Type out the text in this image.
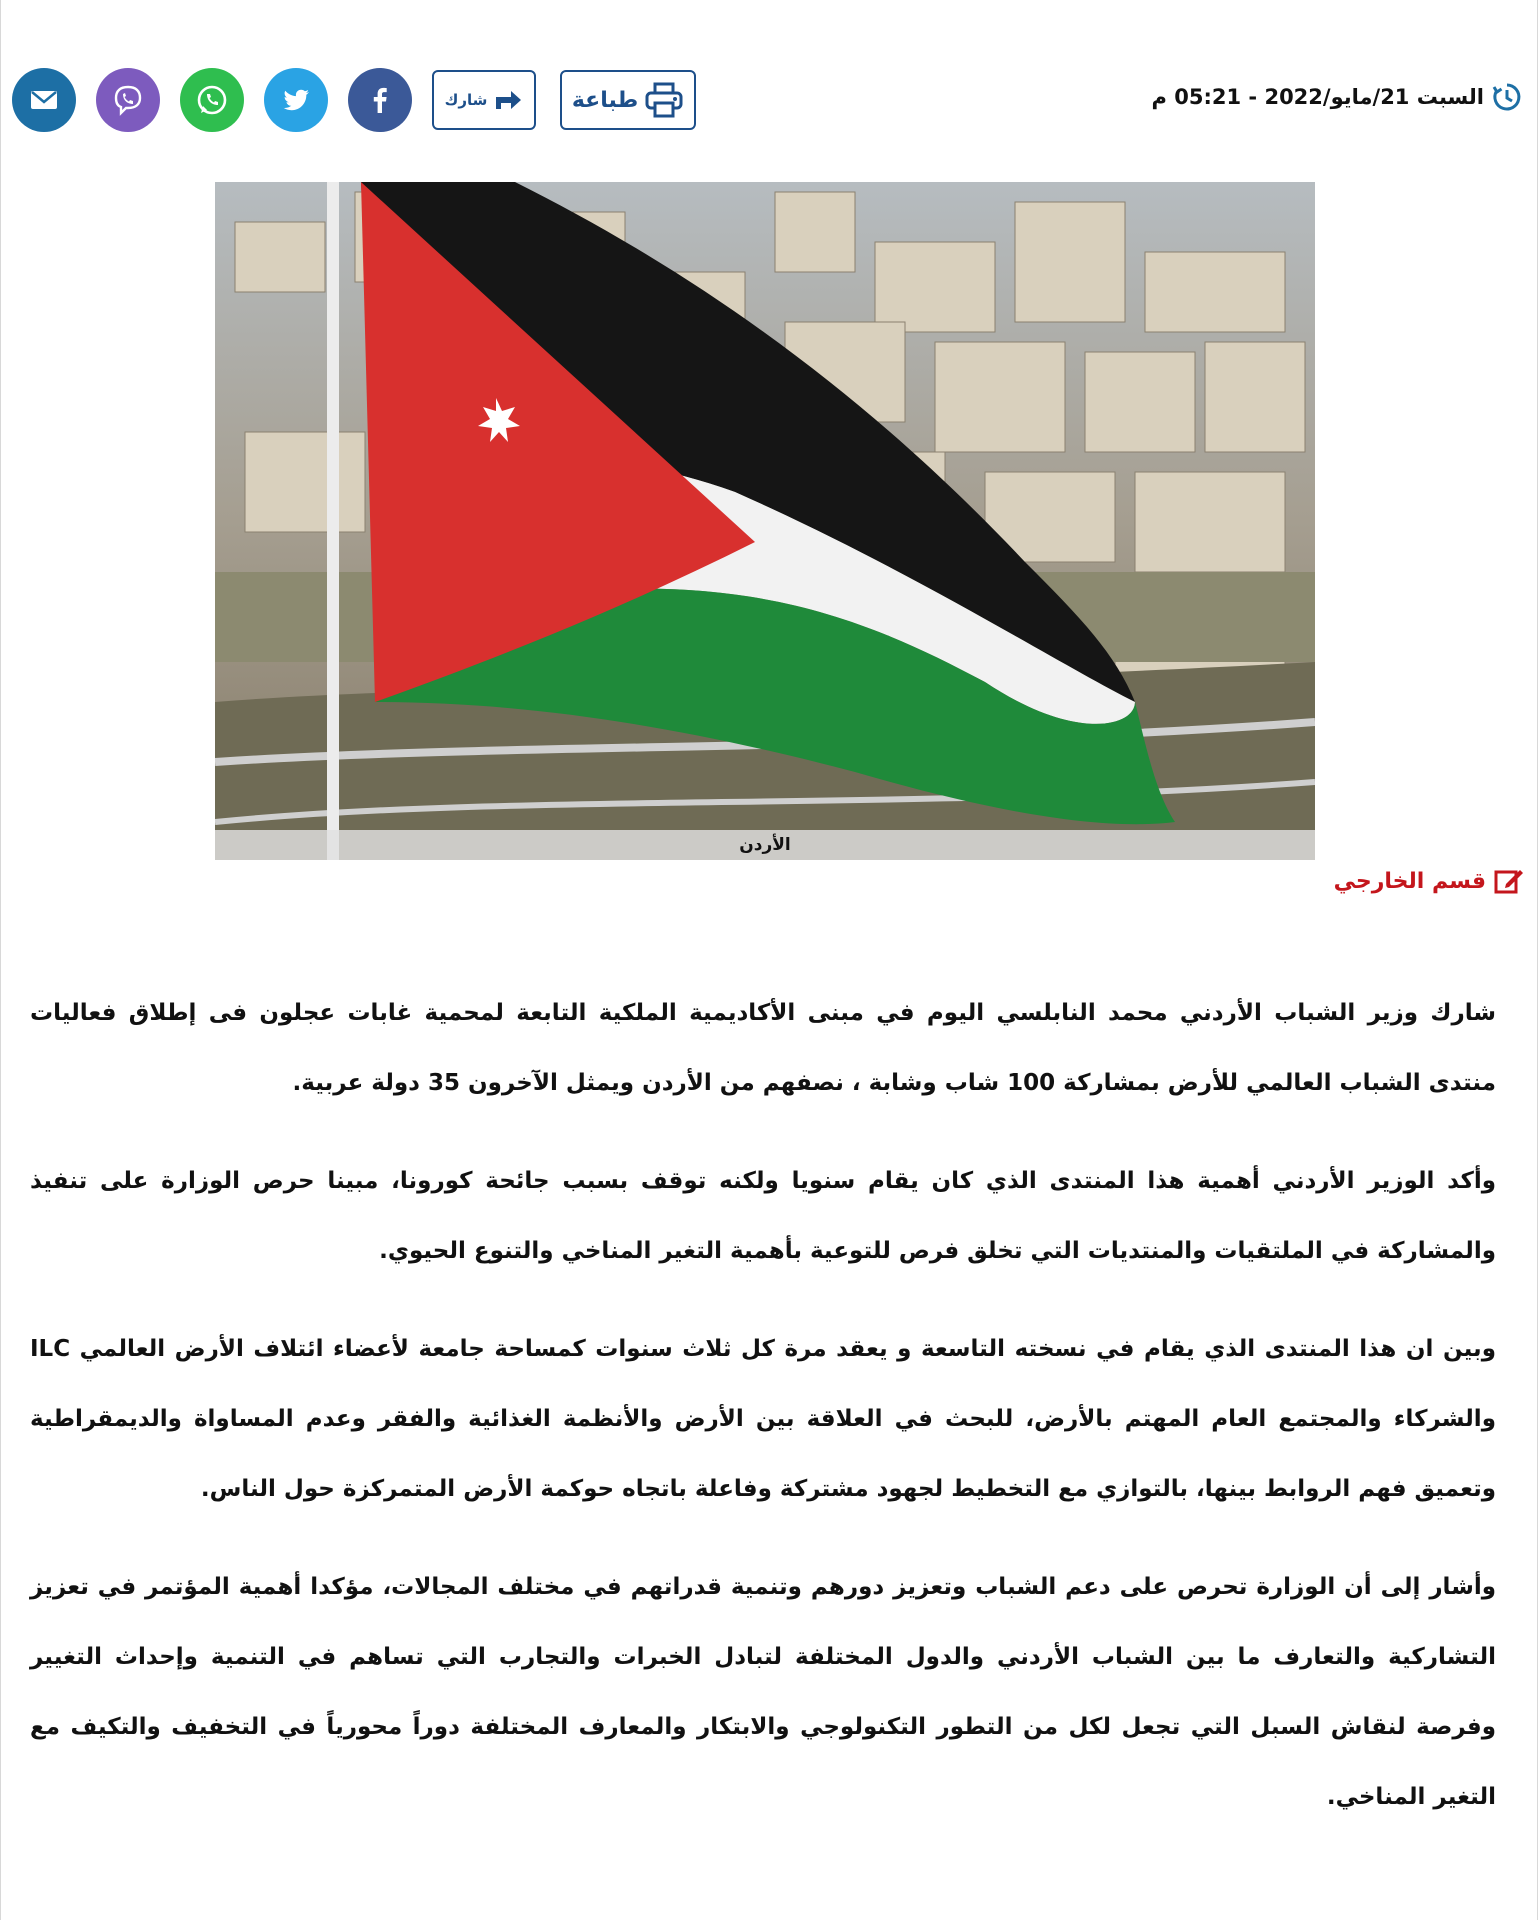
شارك	طباعة	السبت 21/مايو/2022 - 05:21 م
الأردن
قسم الخارجي

شارك وزير الشباب الأردني محمد النابلسي اليوم في مبنى الأكاديمية الملكية التابعة لمحمية غابات عجلون فى إطلاق فعاليات منتدى الشباب العالمي للأرض بمشاركة 100 شاب وشابة ، نصفهم من الأردن ويمثل الآخرون 35 دولة عربية.

وأكد الوزير الأردني أهمية هذا المنتدى الذي كان يقام سنويا ولكنه توقف بسبب جائحة كورونا، مبينا حرص الوزارة على تنفيذ والمشاركة في الملتقيات والمنتديات التي تخلق فرص للتوعية بأهمية التغير المناخي والتنوع الحيوي.

وبين ان هذا المنتدى الذي يقام في نسخته التاسعة و يعقد مرة كل ثلاث سنوات كمساحة جامعة لأعضاء ائتلاف الأرض العالمي ILC والشركاء والمجتمع العام المهتم بالأرض، للبحث في العلاقة بين الأرض والأنظمة الغذائية والفقر وعدم المساواة والديمقراطية وتعميق فهم الروابط بينها، بالتوازي مع التخطيط لجهود مشتركة وفاعلة باتجاه حوكمة الأرض المتمركزة حول الناس.

وأشار إلى أن الوزارة تحرص على دعم الشباب وتعزيز دورهم وتنمية قدراتهم في مختلف المجالات، مؤكدا أهمية المؤتمر في تعزيز التشاركية والتعارف ما بين الشباب الأردني والدول المختلفة لتبادل الخبرات والتجارب التي تساهم في التنمية وإحداث التغيير وفرصة لنقاش السبل التي تجعل لكل من التطور التكنولوجي والابتكار والمعارف المختلفة دوراً محورياً في التخفيف والتكيف مع التغير المناخي.
